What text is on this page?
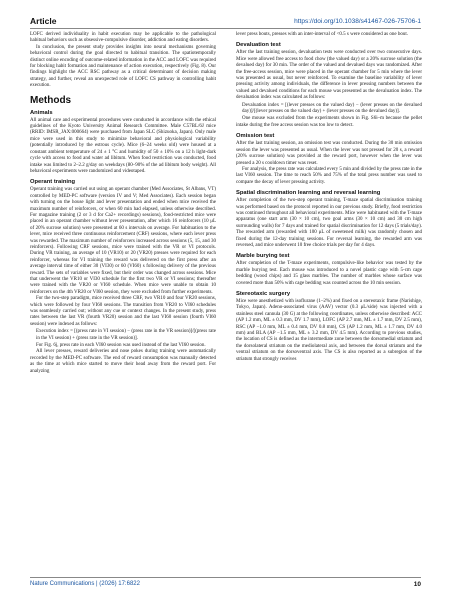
Article	https://doi.org/10.1038/s41467-026-75706-1

LOFC derived individuality in habit execution may be applicable to the pathological habitual behaviors such as obsessive-compulsive disorder, addiction and eating disorders.

In conclusion, the present study provides insights into neural mechanisms governing behavioral control during the goal directed to habitual transition. The spatiotemporally distinct online encoding of outcome-related information in the ACC and LOFC was required for blocking habit formation and maintenance of action execution, respectively (Fig. 8). Our findings highlight the ACC RSC pathway as a critical determinant of decision making strategy, and further, reveal an unexpected role of LOFC CS pathway in controlling habit execution.

Methods
Animals

All animal care and experimental procedures were conducted in accordance with the ethical guidelines of the Kyoto University Animal Research Committee. Male C57BL/6J mice (RRID: IMSR_JAX:000664) were purchased from Japan SLC (Shizuoka, Japan). Only male mice were used in this study to minimize behavioral and physiological variability (potentially introduced by the estrous cycle). Mice (6–24 weeks old) were housed at a constant ambient temperature of 24 ± 1 °C and humidity of 50 ± 10% on a 12 h light-dark cycle with access to food and water ad libitum. When food restriction was conducted, food intake was limited to 2–2.2 g/day on weekdays (80–90% of the ad libitum body weight). All behavioral experiments were randomized and videotaped.

Operant training

Operant training was carried out using an operant chamber (Med Associates, St Albans, VT) controlled by MED-PC software (version IV and V; Med Associates). Each session began with turning on the house light and lever presentation and ended when mice received the maximum number of reinforcers, or when 60 min had elapsed, unless otherwise described. For magazine training (2 or 3 d for Ca2+ recordings) sessions), food-restricted mice were placed in an operant chamber without lever presentation, after which 16 reinforcers (10 μL of 20% sucrose solution) were presented at 60 s intervals on average. For habituation to the lever, mice received three continuous reinforcement (CRF) sessions, where each lever press was rewarded. The maximum number of reinforcers increased across sessions (5, 15, and 30 reinforcers). Following CRF sessions, mice were trained with the VR or VI protocols. During VR training, an average of 10 (VR10) or 20 (VR20) presses were required for each reinforcer, whereas for VI training the reward was delivered on the first press after an average interval time of either 30 (VI30) or 60 (VI60) s following delivery of the previous reward. The sets of variables were fixed, but their order was changed across sessions. Mice that underwent the VR10 or VI30 schedule for the first two VR or VI sessions; thereafter were trained with the VR20 or VI60 schedule. When mice were unable to obtain 10 reinforcers on the 4th VR20 or VI60 session, they were excluded from further experiments.

For the two-step paradigm, mice received three CRF, two VR10 and four VR20 sessions, which were followed by four VI60 sessions. The transition from VR20 to VI60 schedules was seamlessly carried out; without any cue or context changes. In the present study, press rates between the last VR (fourth VR20) session and the last VI60 session (fourth VI60 session) were indexed as follows:

Execution index = [(press rate in VI session) − (press rate in the VR session)]/[(press rate in the VI session) + (press rate in the VR session)].

For Fig. 6j, press rate in each VI60 session was used instead of the last VI60 session.

All lever presses, reward deliveries and nose pokes during training were automatically recorded by the MED-PC software. The end of reward consumption was manually detected as the time at which mice started to move their head away from the reward port. For analyzing

lever press bouts, presses with an inter-interval of <0.5 s were considered as one bout.

Devaluation test

After the last training session, devaluation tests were conducted over two consecutive days. Mice were allowed free access to food chow (the valued day) or a 20% sucrose solution (the devalued day) for 30 min. The order of the valued and devalued days was randomized. After the free-access session, mice were placed in the operant chamber for 5 min where the lever was presented as usual, but never reinforced. To examine the baseline variability of lever pressing activity among individuals, the difference in lever pressing numbers between the valued and devalued conditions for each mouse was presented as the devaluation index. The devaluation index was calculated as follows:

Devaluation index = [(lever presses on the valued day) − (lever presses on the devalued day)]/[(lever presses on the valued day) + (lever presses on the devalued day)].

One mouse was excluded from the experiments shown in Fig. S6i–m because the pellet intake during the free access session was too low to detect.

Omission test

After the last training session, an omission test was conducted. During the 30 min omission session the lever was presented as usual. When the lever was not pressed for 20 s, a reward (20% sucrose solution) was provided at the reward port, however when the lever was pressed a 20 s cooldown timer was reset.

For analysis, the press rate was calculated every 5 min and divided by the press rate in the last VI60 session. The time to reach 50% and 75% of the total press number was used to compare the decay of lever pressing activity.

Spatial discrimination learning and reversal learning

After completion of the two-step operant training, T-maze spatial discrimination training was performed based on the protocol reported in our previous study. Briefly, food restriction was continued throughout all behavioral experiments. Mice were habituated with the T-maze apparatus (one start arm (30 × 10 cm), two goal arms (30 × 10 cm) and 30 cm high surrounding walls) for 7 days and trained for spatial discrimination for 12 days (5 trials/day). The rewarded arm (rewarded with 100 μL of sweetened milk) was randomly chosen and fixed during the 12-day training sessions. For reversal learning, the rewarded arm was reversed, and mice underwent 10 free choice trials per day for 4 days.

Marble burying test

After completion of the T-maze experiments, compulsive-like behavior was tested by the marble burying test. Each mouse was introduced to a novel plastic cage with 5-cm cage bedding (wood chips) and 15 glass marbles. The number of marbles whose surface was covered more than 50% with cage bedding was counted across the 10 min session.

Stereotaxic surgery

Mice were anesthetized with isoflurane (1–2%) and fixed on a stereotaxic frame (Narishige, Tokyo, Japan). Adeno-associated virus (AAV) vector (0.3 μL/side) was injected with a stainless steel cannula (30 G) at the following coordinates, unless otherwise described: ACC (AP 1.2 mm, ML ± 0.3 mm, DV 1.7 mm), LOFC (AP 2.7 mm, ML ± 1.7 mm, DV 2.5 mm), RSC (AP −1.0 mm, ML ± 0.4 mm, DV 0.8 mm), CS (AP 1.2 mm, ML ± 1.7 mm, DV 4.0 mm) and BLA (AP −1.5 mm, ML ± 3.2 mm, DV 4.5 mm). According to previous studies, the location of CS is defined as the intermediate zone between the dorsomedial striatum and the dorsolateral striatum on the mediolateral axis, and between the dorsal striatum and the ventral striatum on the dorsoventral axis. The CS is also reported as a subregion of the striatum that strongly receives

Nature Communications | (2026) 17:6822	10
